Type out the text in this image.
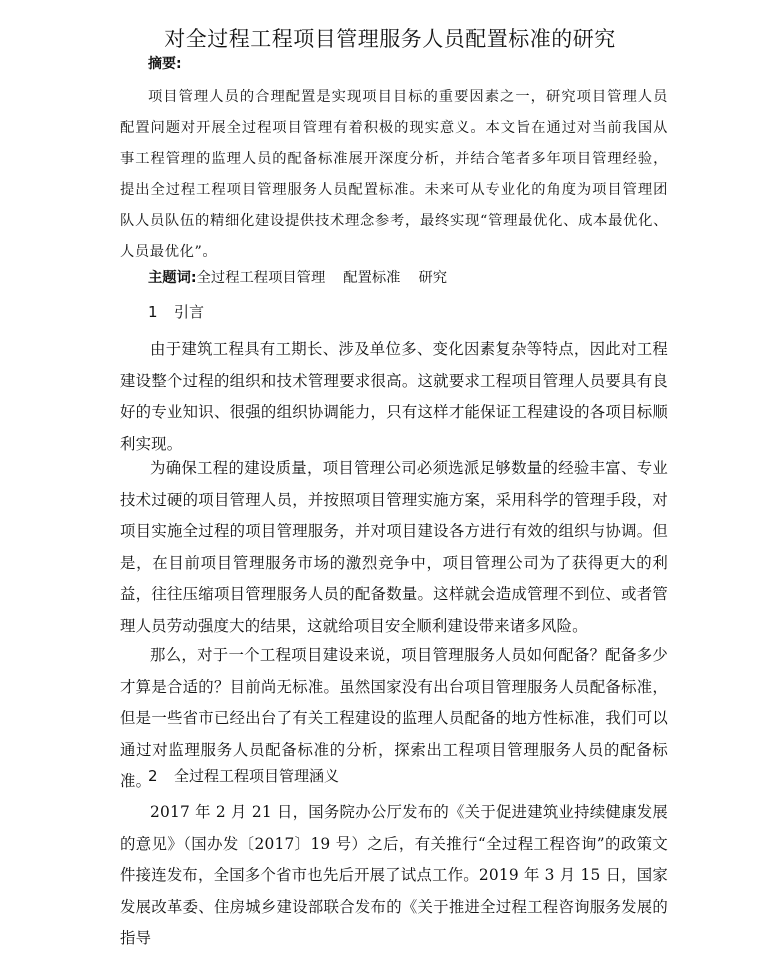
对全过程工程项目管理服务人员配置标准的研究
摘要:

项目管理人员的合理配置是实现项目目标的重要因素之一，研究项目管理人员配置问题对开展全过程项目管理有着积极的现实意义。本文旨在通过对当前我国从事工程管理的监理人员的配备标准展开深度分析，并结合笔者多年项目管理经验，提出全过程工程项目管理服务人员配置标准。未来可从专业化的角度为项目管理团队人员队伍的精细化建设提供技术理念参考，最终实现“管理最优化、成本最优化、人员最优化”。

主题词:全过程工程项目管理 配置标准 研究
1 引言

由于建筑工程具有工期长、涉及单位多、变化因素复杂等特点，因此对工程建设整个过程的组织和技术管理要求很高。这就要求工程项目管理人员要具有良好的专业知识、很强的组织协调能力，只有这样才能保证工程建设的各项目标顺利实现。

为确保工程的建设质量，项目管理公司必须选派足够数量的经验丰富、专业技术过硬的项目管理人员，并按照项目管理实施方案，采用科学的管理手段，对项目实施全过程的项目管理服务，并对项目建设各方进行有效的组织与协调。但是，在目前项目管理服务市场的激烈竞争中，项目管理公司为了获得更大的利益，往往压缩项目管理服务人员的配备数量。这样就会造成管理不到位、或者管理人员劳动强度大的结果，这就给项目安全顺利建设带来诸多风险。

那么，对于一个工程项目建设来说，项目管理服务人员如何配备？配备多少才算是合适的？目前尚无标准。虽然国家没有出台项目管理服务人员配备标准，但是一些省市已经出台了有关工程建设的监理人员配备的地方性标准，我们可以通过对监理服务人员配备标准的分析，探索出工程项目管理服务人员的配备标准。

2 全过程工程项目管理涵义

2017 年 2 月 21 日，国务院办公厅发布的《关于促进建筑业持续健康发展的意见》（国办发〔2017〕19 号）之后，有关推行“全过程工程咨询”的政策文件接连发布，全国多个省市也先后开展了试点工作。2019 年 3 月 15 日，国家发展改革委、住房城乡建设部联合发布的《关于推进全过程工程咨询服务发展的指导
